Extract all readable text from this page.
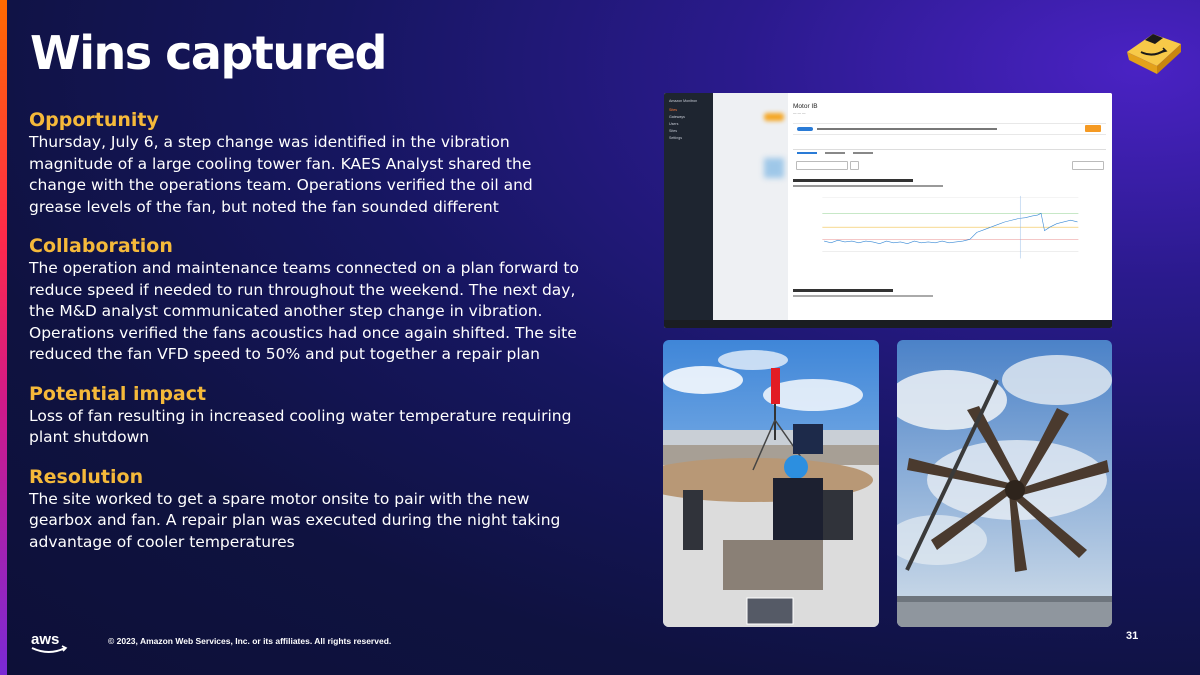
Wins captured
Opportunity

Thursday, July 6, a step change was identified in the vibration magnitude of a large cooling tower fan. KAES Analyst shared the change with the operations team. Operations verified the oil and grease levels of the fan, but noted the fan sounded different

Collaboration

The operation and maintenance teams connected on a plan forward to reduce speed if needed to run throughout the weekend. The next day, the M&D analyst communicated another step change in vibration. Operations verified the fans acoustics had once again shifted. The site reduced the fan VFD speed to 50% and put together a repair plan

Potential impact

Loss of fan resulting in increased cooling water temperature requiring plant shutdown

Resolution

The site worked to get a spare motor onsite to pair with the new gearbox and fan. A repair plan was executed during the night taking advantage of cooler temperatures

Amazon Monitron
Sites
Gateways
Users
Sites
Settings
Motor IB
— — —
aws	© 2023, Amazon Web Services, Inc. or its affiliates. All rights reserved.	31
